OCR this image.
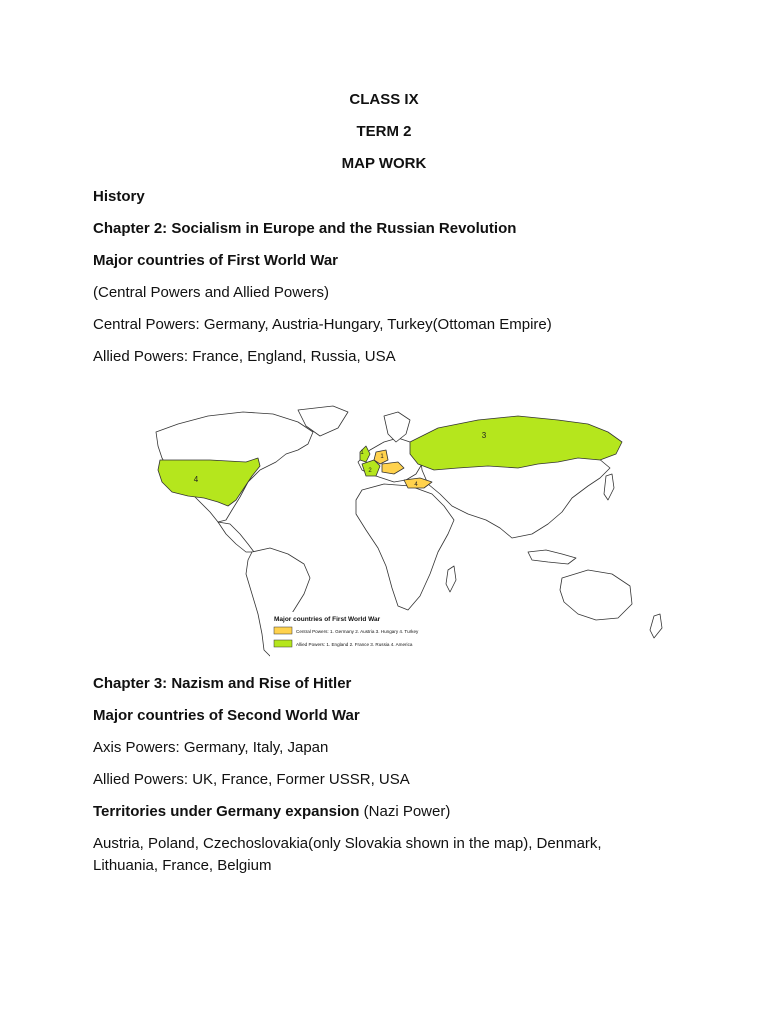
CLASS IX
TERM 2
MAP WORK
History
Chapter 2: Socialism in Europe and the Russian Revolution
Major countries of First World War
(Central Powers and Allied Powers)
Central Powers: Germany, Austria-Hungary, Turkey(Ottoman Empire)
Allied Powers: France, England, Russia, USA
4
3
1
2
1
4
Major countries of First World War
Central Powers: 1. Germany 2. Austria 3. Hungary 4. Turkey
Allied Powers: 1. England 2. France 3. Russia 4. America
Chapter 3: Nazism and Rise of Hitler
Major countries of Second World War
Axis Powers: Germany, Italy, Japan
Allied Powers: UK, France, Former USSR, USA
Territories under Germany expansion (Nazi Power)
Austria, Poland, Czechoslovakia(only Slovakia shown in the map), Denmark,
Lithuania, France, Belgium
